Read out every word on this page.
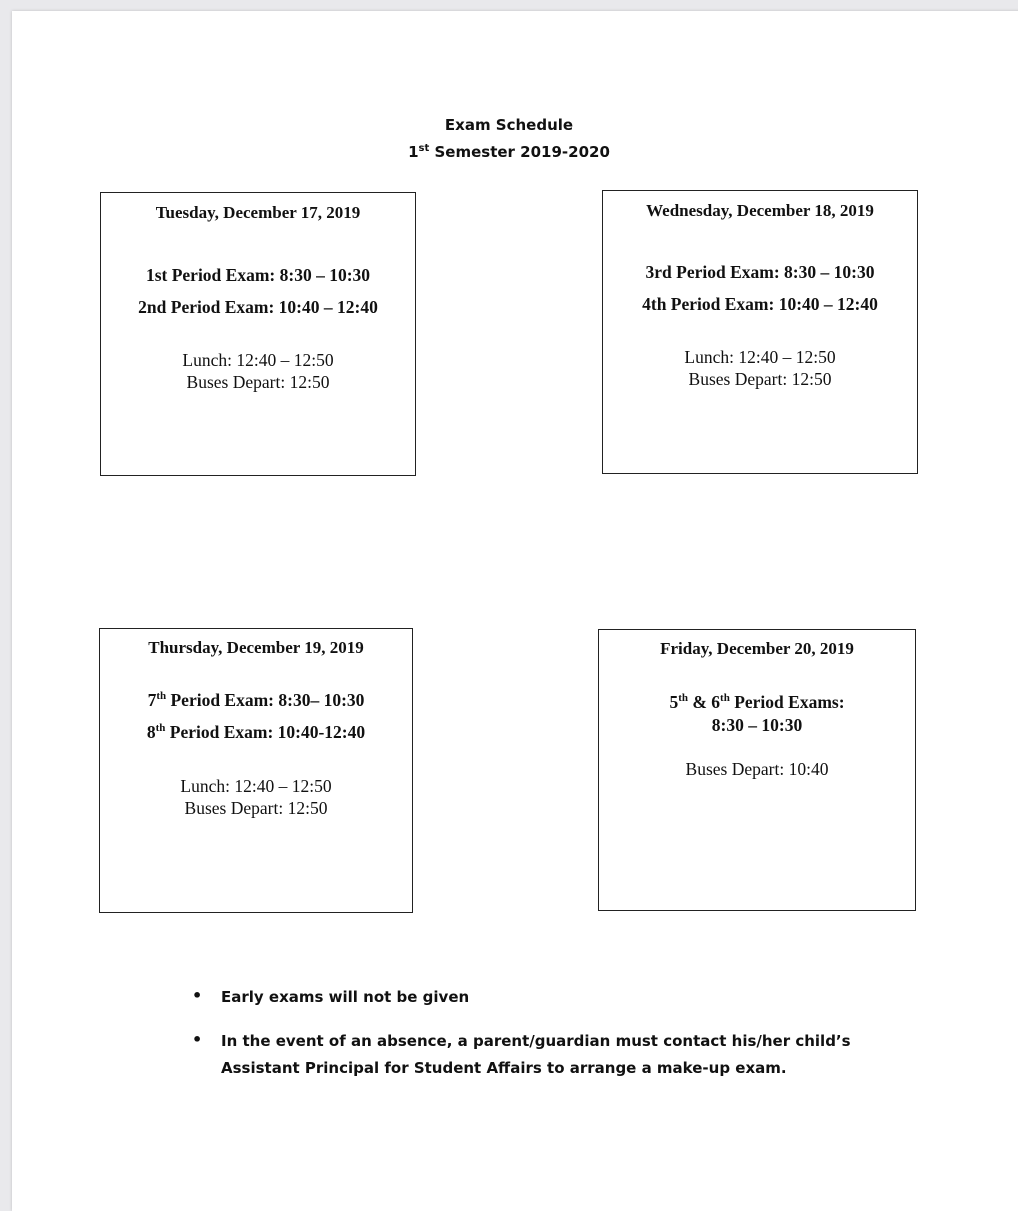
Exam Schedule
1st Semester 2019-2020
Tuesday, December 17, 2019
1st Period Exam: 8:30 – 10:30
2nd Period Exam: 10:40 – 12:40
Lunch: 12:40 – 12:50
Buses Depart: 12:50
Wednesday, December 18, 2019
3rd Period Exam: 8:30 – 10:30
4th Period Exam: 10:40 – 12:40
Lunch: 12:40 – 12:50
Buses Depart: 12:50
Thursday, December 19, 2019
7th Period Exam: 8:30– 10:30
8th Period Exam: 10:40-12:40
Lunch: 12:40 – 12:50
Buses Depart: 12:50
Friday, December 20, 2019
5th & 6th Period Exams:
8:30 – 10:30
Buses Depart: 10:40
• Early exams will not be given
• In the event of an absence, a parent/guardian must contact his/her child’s
Assistant Principal for Student Affairs to arrange a make-up exam.
